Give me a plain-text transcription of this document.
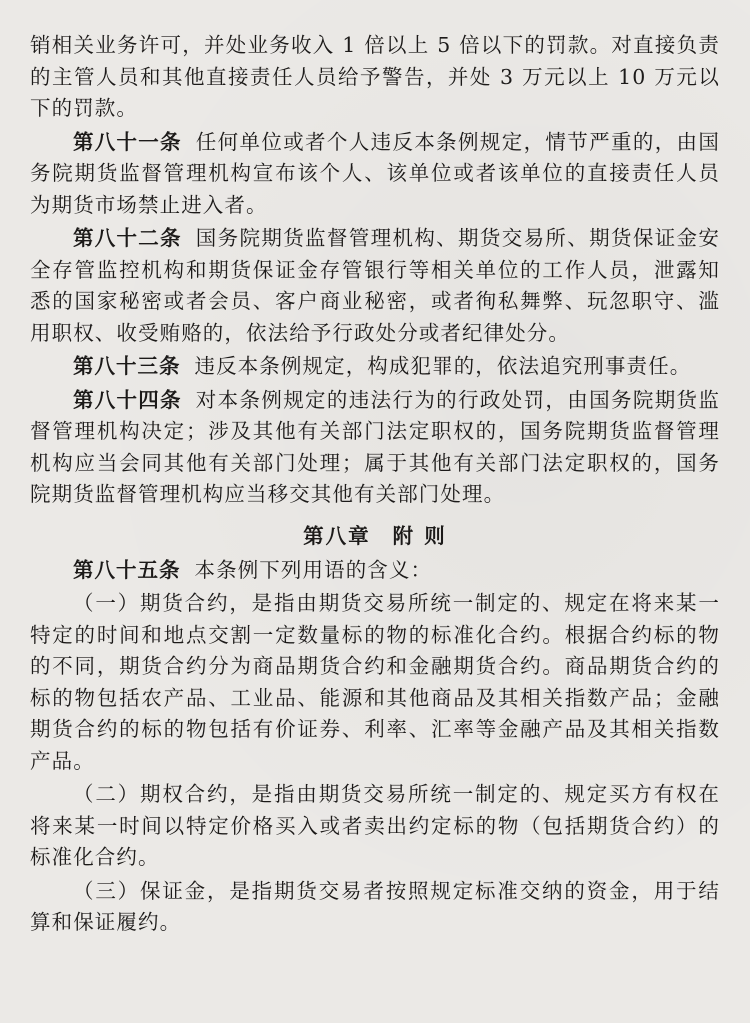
销相关业务许可，并处业务收入 1 倍以上 5 倍以下的罚款。对直接负责的主管人员和其他直接责任人员给予警告，并处 3 万元以上 10 万元以下的罚款。

第八十一条 任何单位或者个人违反本条例规定，情节严重的，由国务院期货监督管理机构宣布该个人、该单位或者该单位的直接责任人员为期货市场禁止进入者。

第八十二条 国务院期货监督管理机构、期货交易所、期货保证金安全存管监控机构和期货保证金存管银行等相关单位的工作人员，泄露知悉的国家秘密或者会员、客户商业秘密，或者徇私舞弊、玩忽职守、滥用职权、收受贿赂的，依法给予行政处分或者纪律处分。

第八十三条 违反本条例规定，构成犯罪的，依法追究刑事责任。

第八十四条 对本条例规定的违法行为的行政处罚，由国务院期货监督管理机构决定；涉及其他有关部门法定职权的，国务院期货监督管理机构应当会同其他有关部门处理；属于其他有关部门法定职权的，国务院期货监督管理机构应当移交其他有关部门处理。

第八章 附 则

第八十五条 本条例下列用语的含义：

（一）期货合约，是指由期货交易所统一制定的、规定在将来某一特定的时间和地点交割一定数量标的物的标准化合约。根据合约标的物的不同，期货合约分为商品期货合约和金融期货合约。商品期货合约的标的物包括农产品、工业品、能源和其他商品及其相关指数产品；金融期货合约的标的物包括有价证券、利率、汇率等金融产品及其相关指数产品。

（二）期权合约，是指由期货交易所统一制定的、规定买方有权在将来某一时间以特定价格买入或者卖出约定标的物（包括期货合约）的标准化合约。

（三）保证金，是指期货交易者按照规定标准交纳的资金，用于结算和保证履约。
